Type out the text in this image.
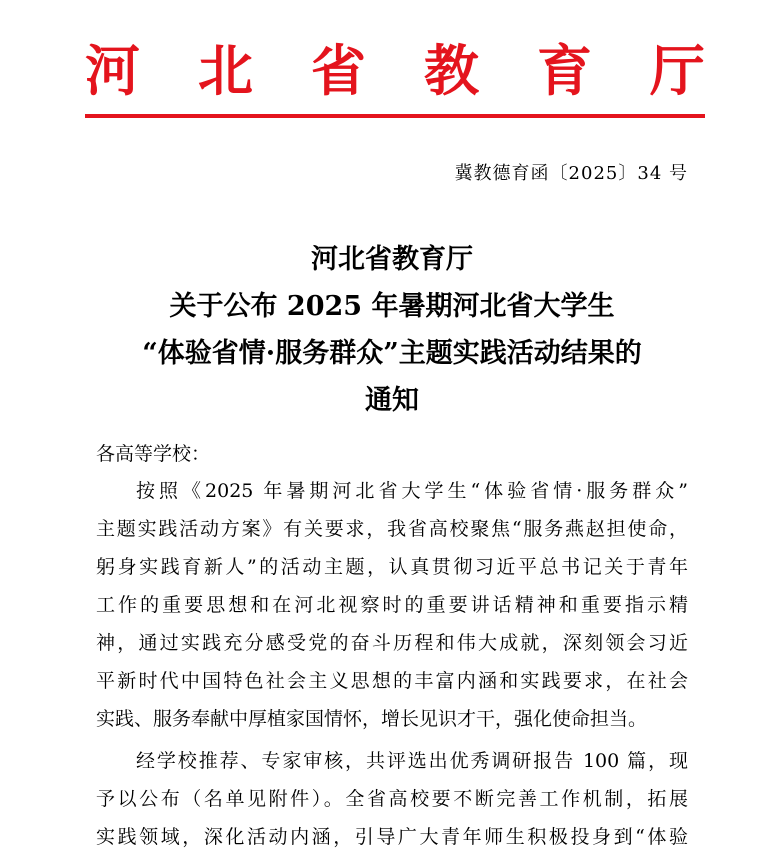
河 北 省 教 育 厅
冀教德育函〔2025〕34 号
河北省教育厅
关于公布 2025 年暑期河北省大学生
“体验省情·服务群众”主题实践活动结果的
通知
各高等学校：
按照《2025 年暑期河北省大学生“体验省情·服务群众”
主题实践活动方案》有关要求，我省高校聚焦“服务燕赵担使命，
躬身实践育新人”的活动主题，认真贯彻习近平总书记关于青年
工作的重要思想和在河北视察时的重要讲话精神和重要指示精
神，通过实践充分感受党的奋斗历程和伟大成就，深刻领会习近
平新时代中国特色社会主义思想的丰富内涵和实践要求，在社会
实践、服务奉献中厚植家国情怀，增长见识才干，强化使命担当。
经学校推荐、专家审核，共评选出优秀调研报告 100 篇，现
予以公布（名单见附件）。全省高校要不断完善工作机制，拓展
实践领域，深化活动内涵，引导广大青年师生积极投身到“体验
